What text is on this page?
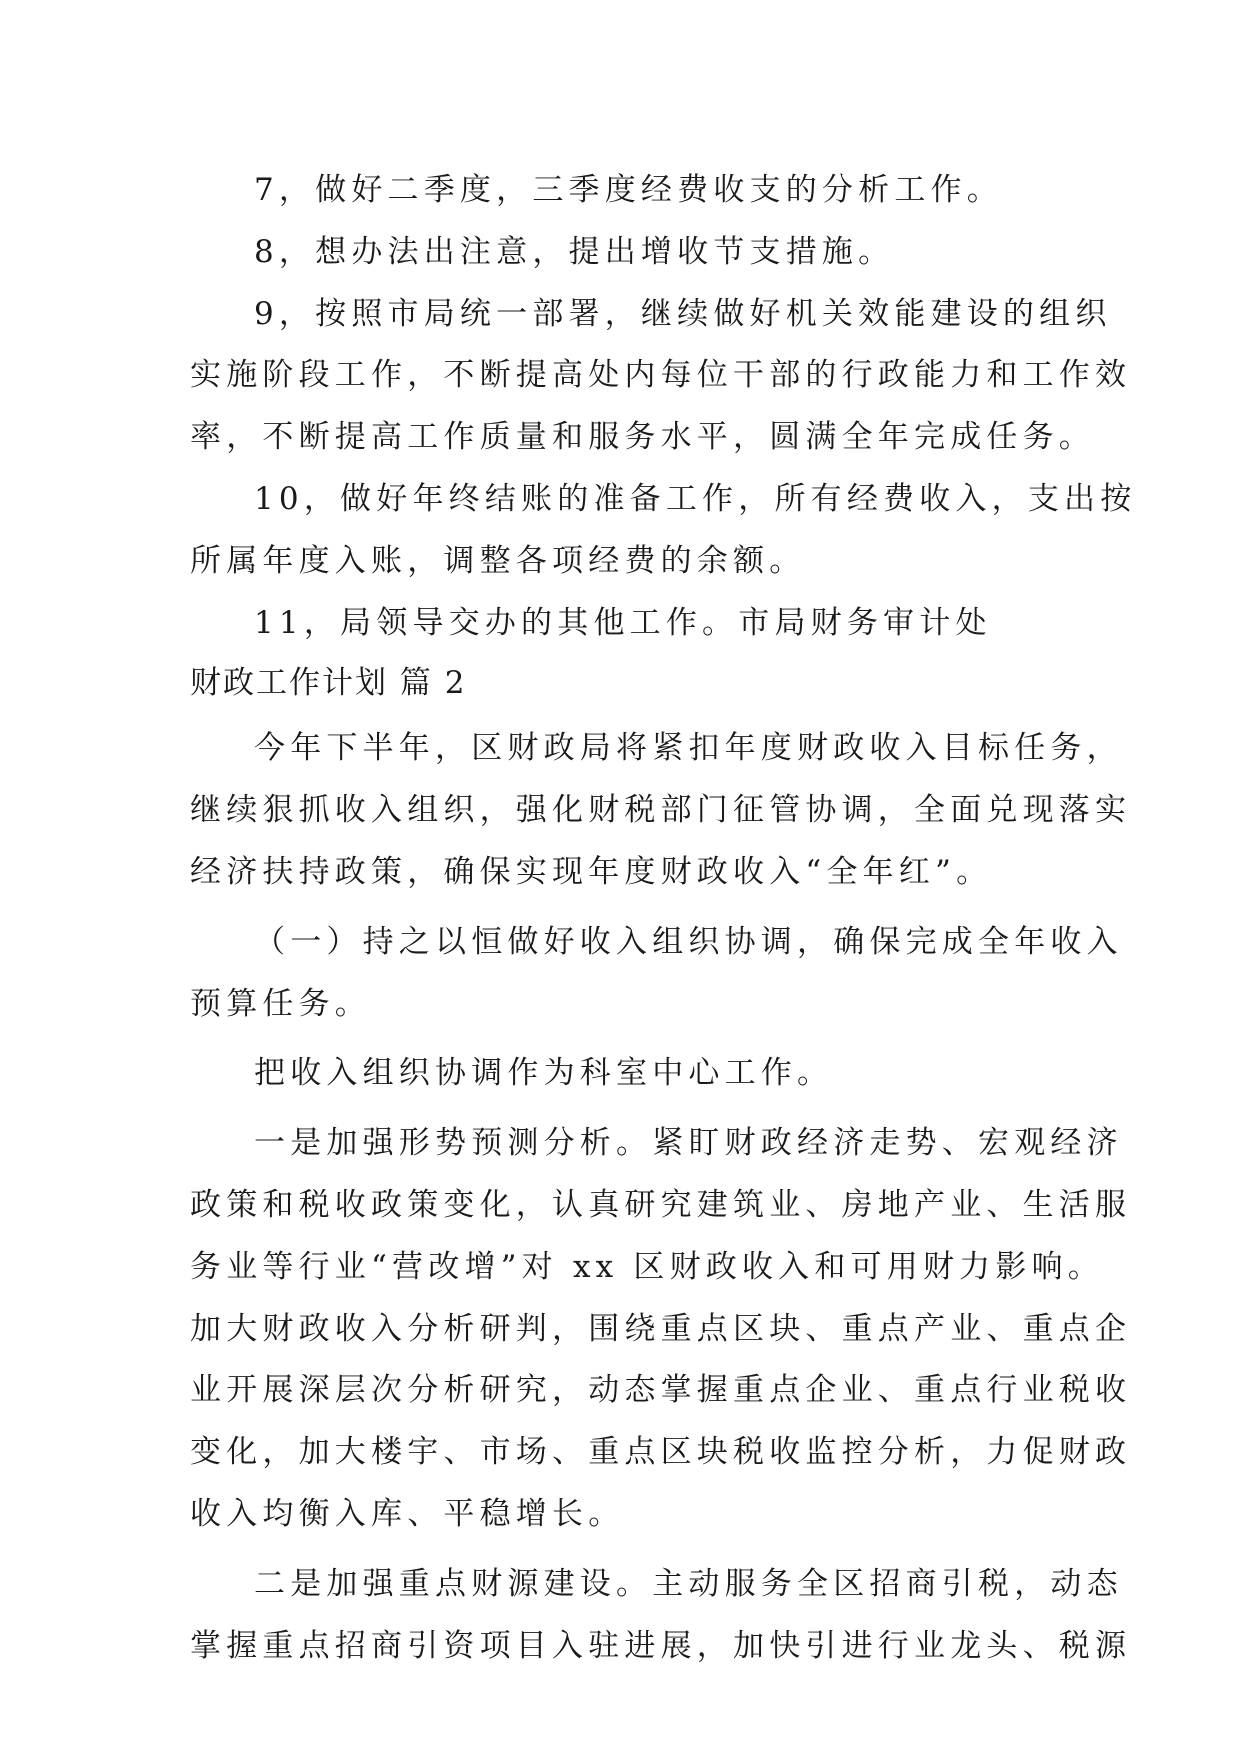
7，做好二季度，三季度经费收支的分析工作。
8，想办法出注意，提出增收节支措施。
9，按照市局统一部署，继续做好机关效能建设的组织
实施阶段工作，不断提高处内每位干部的行政能力和工作效
率，不断提高工作质量和服务水平，圆满全年完成任务。
10，做好年终结账的准备工作，所有经费收入，支出按
所属年度入账，调整各项经费的余额。
11，局领导交办的其他工作。市局财务审计处
财政工作计划 篇 2
今年下半年，区财政局将紧扣年度财政收入目标任务，
继续狠抓收入组织，强化财税部门征管协调，全面兑现落实
经济扶持政策，确保实现年度财政收入“全年红”。
（一）持之以恒做好收入组织协调，确保完成全年收入
预算任务。
把收入组织协调作为科室中心工作。
一是加强形势预测分析。紧盯财政经济走势、宏观经济
政策和税收政策变化，认真研究建筑业、房地产业、生活服
务业等行业“营改增”对 xx 区财政收入和可用财力影响。
加大财政收入分析研判，围绕重点区块、重点产业、重点企
业开展深层次分析研究，动态掌握重点企业、重点行业税收
变化，加大楼宇、市场、重点区块税收监控分析，力促财政
收入均衡入库、平稳增长。
二是加强重点财源建设。主动服务全区招商引税，动态
掌握重点招商引资项目入驻进展，加快引进行业龙头、税源
